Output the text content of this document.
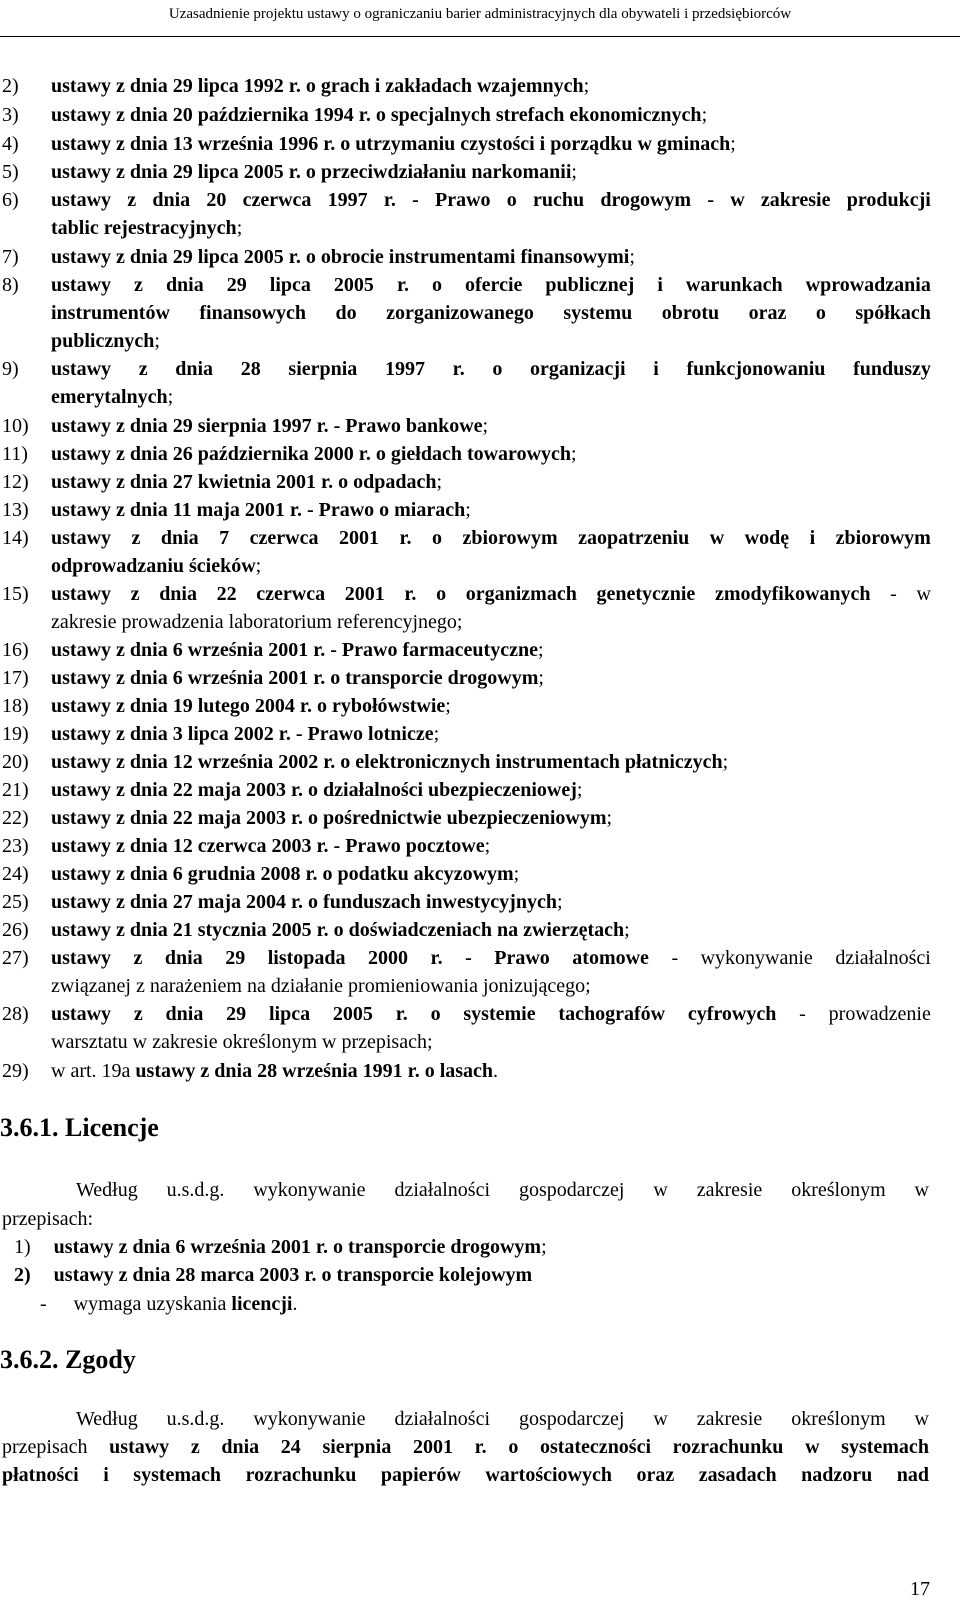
Uzasadnienie projektu ustawy o ograniczaniu barier administracyjnych dla obywateli i przedsiębiorców
2) ustawy z dnia 29 lipca 1992 r. o grach i zakładach wzajemnych;
3) ustawy z dnia 20 października 1994 r. o specjalnych strefach ekonomicznych;
4) ustawy z dnia 13 września 1996 r. o utrzymaniu czystości i porządku w gminach;
5) ustawy z dnia 29 lipca 2005 r. o przeciwdziałaniu narkomanii;
6) ustawy z dnia 20 czerwca 1997 r. - Prawo o ruchu drogowym - w zakresie produkcji
tablic rejestracyjnych;
7) ustawy z dnia 29 lipca 2005 r. o obrocie instrumentami finansowymi;
8) ustawy z dnia 29 lipca 2005 r. o ofercie publicznej i warunkach wprowadzania
instrumentów finansowych do zorganizowanego systemu obrotu oraz o spółkach
publicznych;
9) ustawy z dnia 28 sierpnia 1997 r. o organizacji i funkcjonowaniu funduszy
emerytalnych;
10) ustawy z dnia 29 sierpnia 1997 r. - Prawo bankowe;
11) ustawy z dnia 26 października 2000 r. o giełdach towarowych;
12) ustawy z dnia 27 kwietnia 2001 r. o odpadach;
13) ustawy z dnia 11 maja 2001 r. - Prawo o miarach;
14) ustawy z dnia 7 czerwca 2001 r. o zbiorowym zaopatrzeniu w wodę i zbiorowym
odprowadzaniu ścieków;
15) ustawy z dnia 22 czerwca 2001 r. o organizmach genetycznie zmodyfikowanych - w
zakresie prowadzenia laboratorium referencyjnego;
16) ustawy z dnia 6 września 2001 r. - Prawo farmaceutyczne;
17) ustawy z dnia 6 września 2001 r. o transporcie drogowym;
18) ustawy z dnia 19 lutego 2004 r. o rybołówstwie;
19) ustawy z dnia 3 lipca 2002 r. - Prawo lotnicze;
20) ustawy z dnia 12 września 2002 r. o elektronicznych instrumentach płatniczych;
21) ustawy z dnia 22 maja 2003 r. o działalności ubezpieczeniowej;
22) ustawy z dnia 22 maja 2003 r. o pośrednictwie ubezpieczeniowym;
23) ustawy z dnia 12 czerwca 2003 r. - Prawo pocztowe;
24) ustawy z dnia 6 grudnia 2008 r. o podatku akcyzowym;
25) ustawy z dnia 27 maja 2004 r. o funduszach inwestycyjnych;
26) ustawy z dnia 21 stycznia 2005 r. o doświadczeniach na zwierzętach;
27) ustawy z dnia 29 listopada 2000 r. - Prawo atomowe - wykonywanie działalności
związanej z narażeniem na działanie promieniowania jonizującego;
28) ustawy z dnia 29 lipca 2005 r. o systemie tachografów cyfrowych - prowadzenie
warsztatu w zakresie określonym w przepisach;
29) w art. 19a ustawy z dnia 28 września 1991 r. o lasach.
3.6.1. Licencje
Według u.s.d.g. wykonywanie działalności gospodarczej w zakresie określonym w
przepisach:
1) ustawy z dnia 6 września 2001 r. o transporcie drogowym;
2) ustawy z dnia 28 marca 2003 r. o transporcie kolejowym
- wymaga uzyskania licencji.
3.6.2. Zgody
Według u.s.d.g. wykonywanie działalności gospodarczej w zakresie określonym w
przepisach ustawy z dnia 24 sierpnia 2001 r. o ostateczności rozrachunku w systemach
płatności i systemach rozrachunku papierów wartościowych oraz zasadach nadzoru nad
17
